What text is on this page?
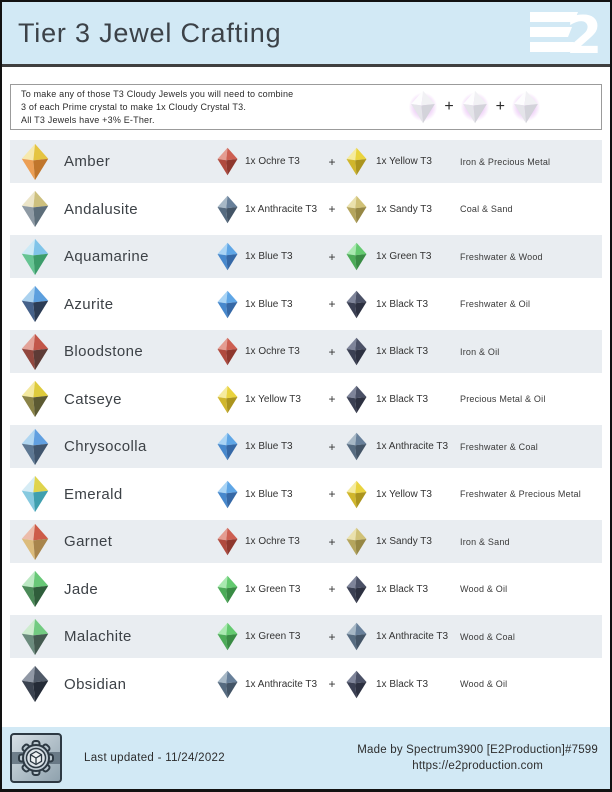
Tier 3 Jewel Crafting	2
To make any of those T3 Cloudy Jewels you will need to combine
3 of each Prime crystal to make 1x Cloudy Crystal T3.
All T3 Jewels have +3% E-Ther.
+	+
Amber	1x Ochre T3	+	1x Yellow T3	Iron & Precious Metal
Andalusite	1x Anthracite T3 +	1x Sandy T3	Coal & Sand
Aquamarine	1x Blue T3	+	1x Green T3	Freshwater & Wood
Azurite	1x Blue T3	+	1x Black T3	Freshwater & Oil
Bloodstone	1x Ochre T3	+	1x Black T3	Iron & Oil
Catseye	1x Yellow T3	+	1x Black T3	Precious Metal & Oil
Chrysocolla	1x Blue T3	+	1x Anthracite T3	Freshwater & Coal
Emerald	1x Blue T3	+	1x Yellow T3	Freshwater & Precious Metal
Garnet	1x Ochre T3	+	1x Sandy T3	Iron & Sand
Jade	1x Green T3	+	1x Black T3	Wood & Oil
Malachite	1x Green T3	+	1x Anthracite T3	Wood & Coal
Obsidian	1x Anthracite T3 +	1x Black T3	Wood & Oil
Last updated - 11/24/2022
Made by Spectrum3900 [E2Production]#7599
https://e2production.com
